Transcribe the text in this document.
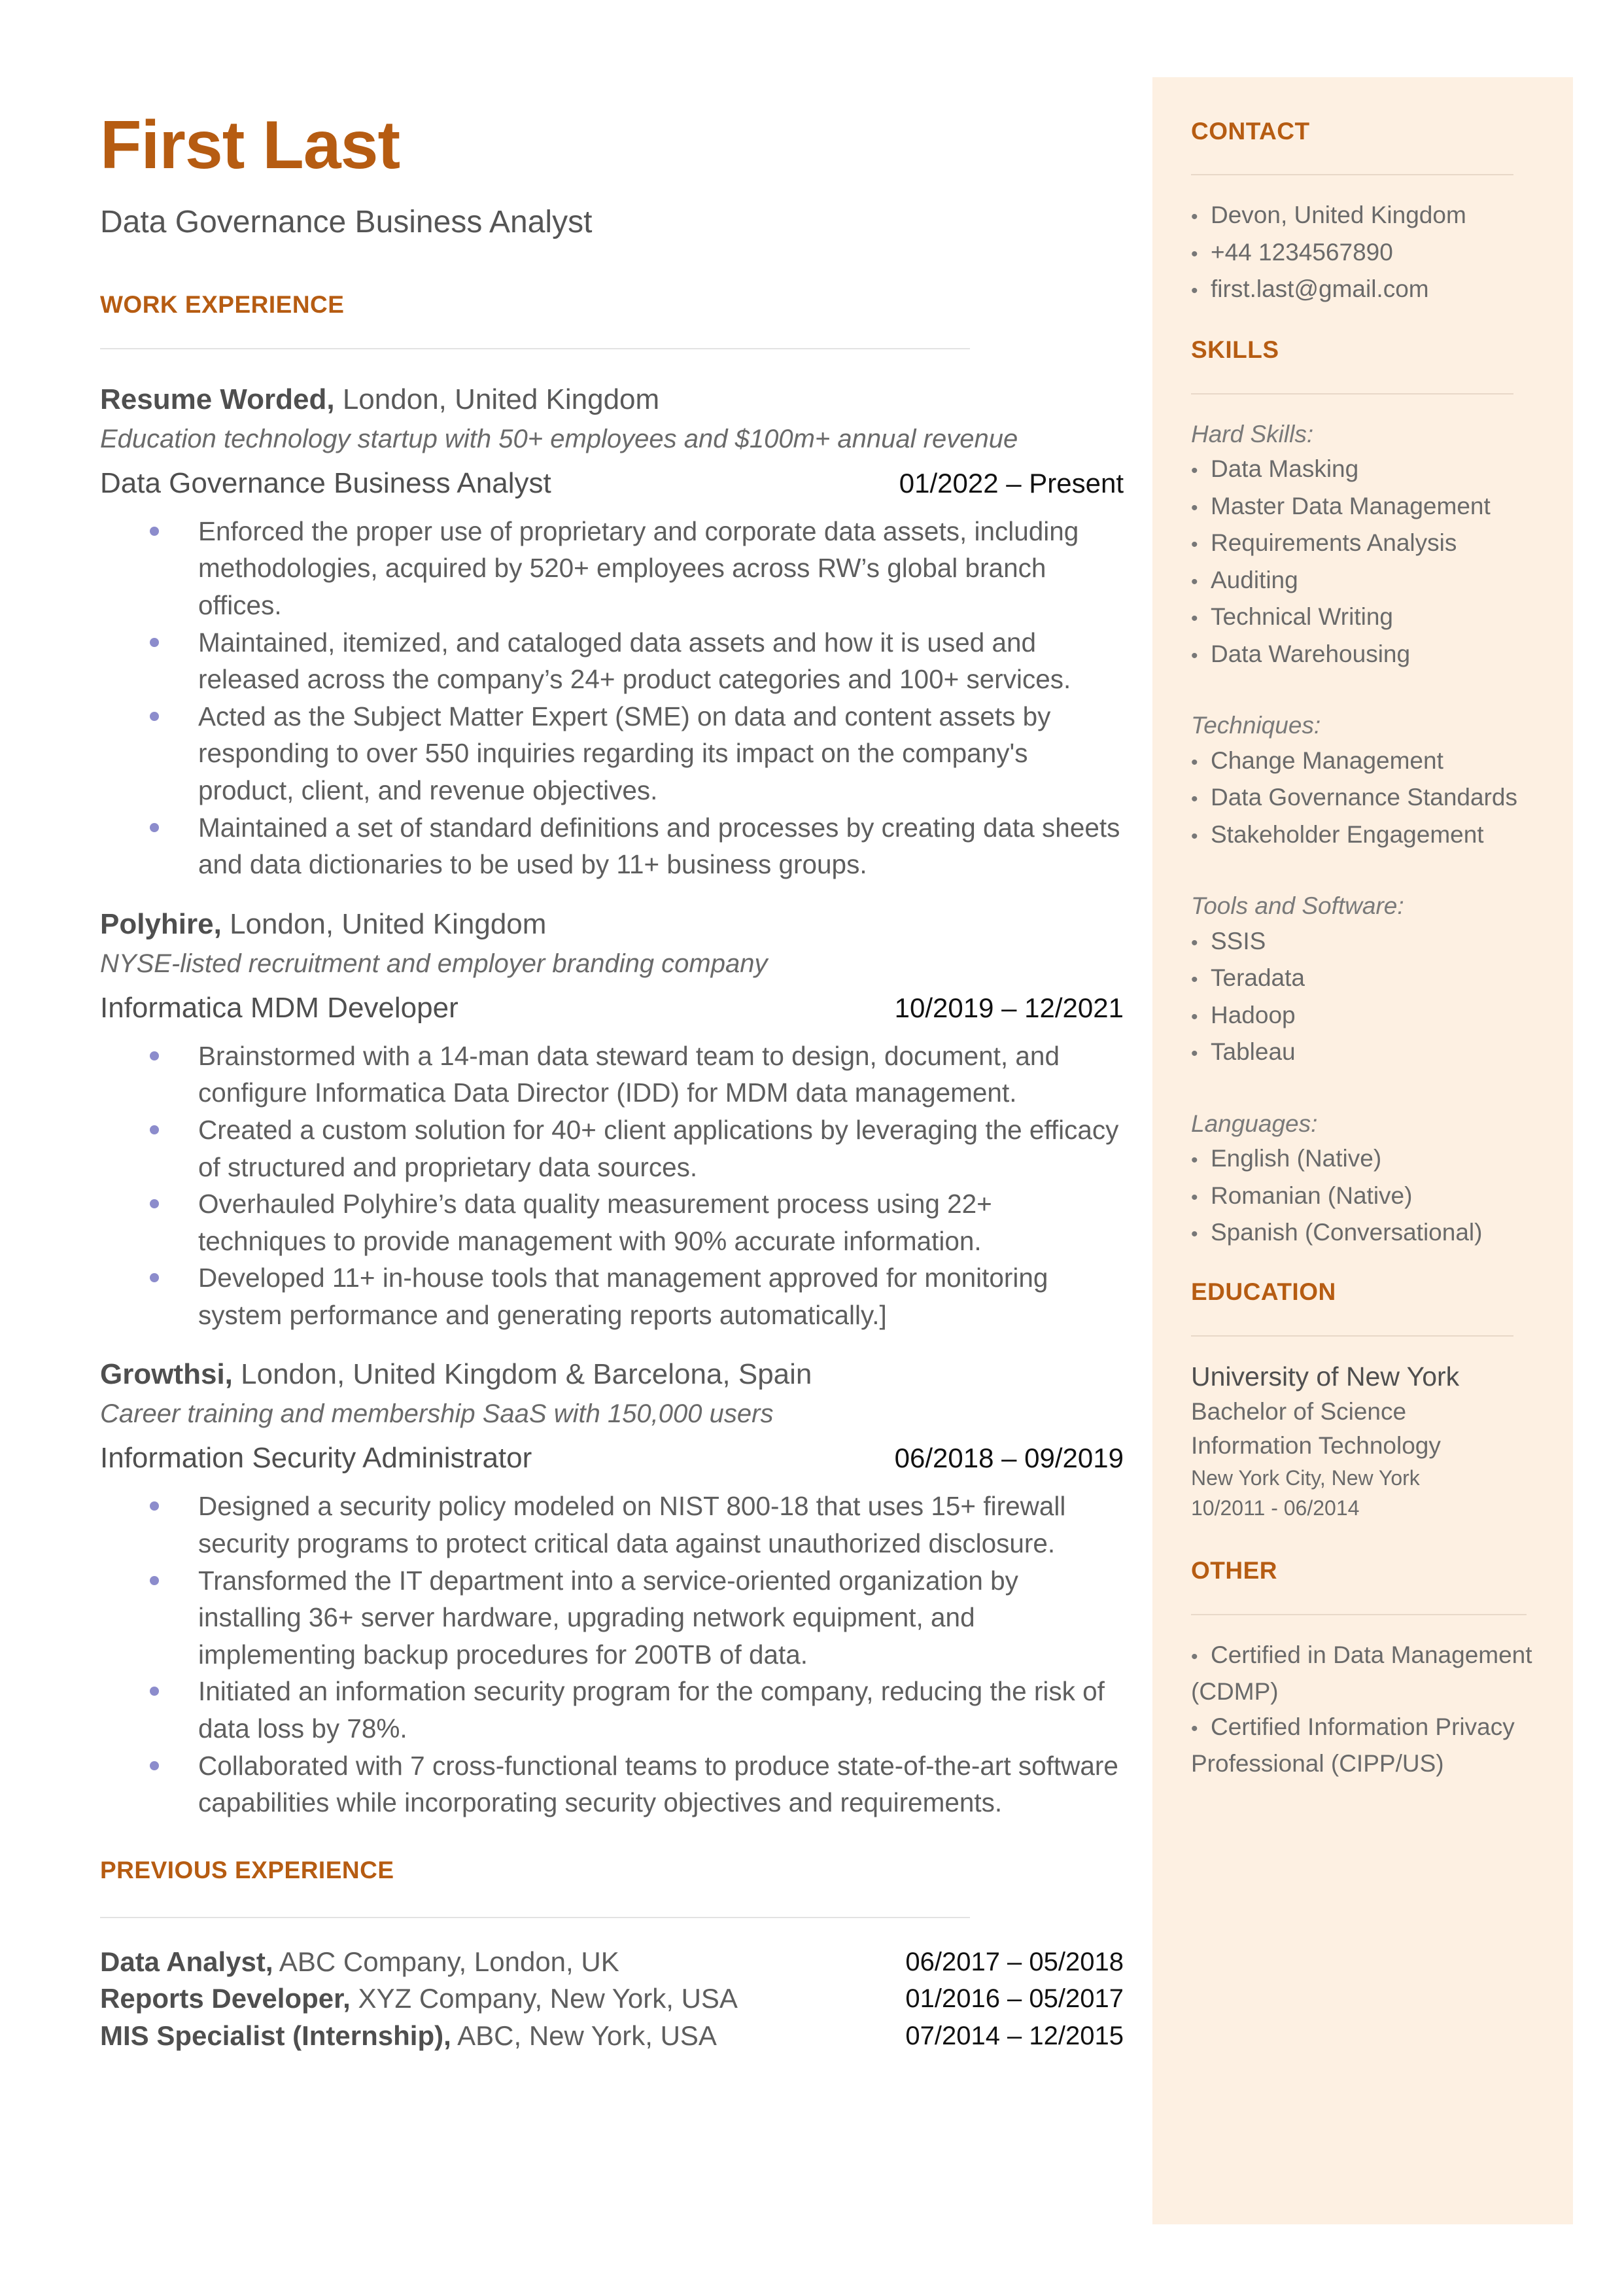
First Last
Data Governance Business Analyst
WORK EXPERIENCE
Resume Worded, London, United Kingdom
Education technology startup with 50+ employees and $100m+ annual revenue
Data Governance Business Analyst	01/2022 – Present
Enforced the proper use of proprietary and corporate data assets, including methodologies, acquired by 520+ employees across RW’s global branch offices.
Maintained, itemized, and cataloged data assets and how it is used and released across the company’s 24+ product categories and 100+ services.
Acted as the Subject Matter Expert (SME) on data and content assets by responding to over 550 inquiries regarding its impact on the company's product, client, and revenue objectives.
Maintained a set of standard definitions and processes by creating data sheets and data dictionaries to be used by 11+ business groups.
Polyhire, London, United Kingdom
NYSE-listed recruitment and employer branding company
Informatica MDM Developer	10/2019 – 12/2021
Brainstormed with a 14-man data steward team to design, document, and configure Informatica Data Director (IDD) for MDM data management.
Created a custom solution for 40+ client applications by leveraging the efficacy of structured and proprietary data sources.
Overhauled Polyhire’s data quality measurement process using 22+ techniques to provide management with 90% accurate information.
Developed 11+ in-house tools that management approved for monitoring system performance and generating reports automatically.]
Growthsi, London, United Kingdom & Barcelona, Spain
Career training and membership SaaS with 150,000 users
Information Security Administrator	06/2018 – 09/2019
Designed a security policy modeled on NIST 800-18 that uses 15+ firewall security programs to protect critical data against unauthorized disclosure.
Transformed the IT department into a service-oriented organization by installing 36+ server hardware, upgrading network equipment, and implementing backup procedures for 200TB of data.
Initiated an information security program for the company, reducing the risk of data loss by 78%.
Collaborated with 7 cross-functional teams to produce state-of-the-art software capabilities while incorporating security objectives and requirements.
PREVIOUS EXPERIENCE
Data Analyst, ABC Company, London, UK	06/2017 – 05/2018
Reports Developer, XYZ Company, New York, USA	01/2016 – 05/2017
MIS Specialist (Internship), ABC, New York, USA	07/2014 – 12/2015
CONTACT
• Devon, United Kingdom
• +44 1234567890
• first.last@gmail.com
SKILLS
Hard Skills:
• Data Masking
• Master Data Management
• Requirements Analysis
• Auditing
• Technical Writing
• Data Warehousing
Techniques:
• Change Management
• Data Governance Standards
• Stakeholder Engagement
Tools and Software:
• SSIS
• Teradata
• Hadoop
• Tableau
Languages:
• English (Native)
• Romanian (Native)
• Spanish (Conversational)
EDUCATION
University of New York
Bachelor of Science
Information Technology
New York City, New York
10/2011 - 06/2014
OTHER
• Certified in Data Management (CDMP)
• Certified Information Privacy Professional (CIPP/US)
